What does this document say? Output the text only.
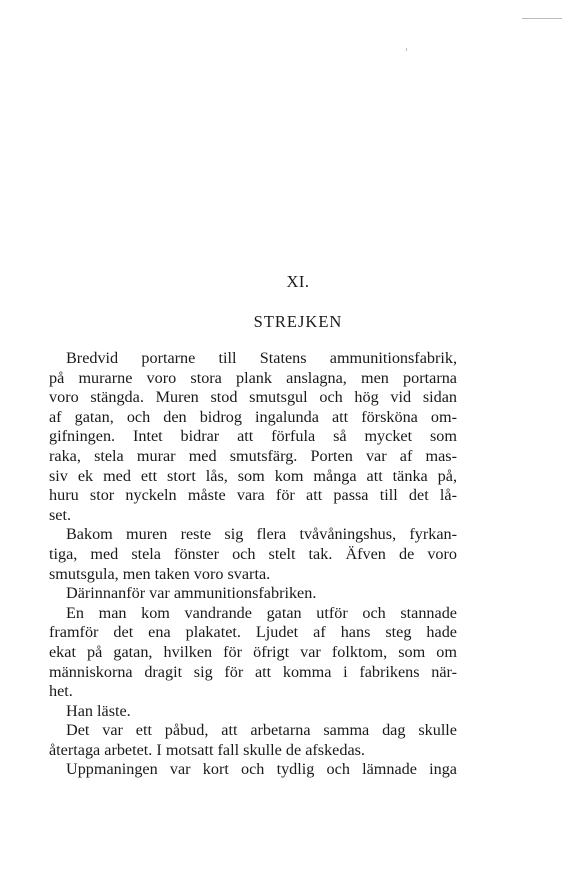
XI.
STREJKEN
Bredvid portarne till Statens ammunitionsfabrik,
på murarne voro stora plank anslagna, men portarna
voro stängda. Muren stod smutsgul och hög vid sidan
af gatan, och den bidrog ingalunda att försköna om-
gifningen. Intet bidrar att förfula så mycket som
raka, stela murar med smutsfärg. Porten var af mas-
siv ek med ett stort lås, som kom många att tänka på,
huru stor nyckeln måste vara för att passa till det lå-
set.
Bakom muren reste sig flera tvåvåningshus, fyrkan-
tiga, med stela fönster och stelt tak. Äfven de voro
smutsgula, men taken voro svarta.
Därinnanför var ammunitionsfabriken.
En man kom vandrande gatan utför och stannade
framför det ena plakatet. Ljudet af hans steg hade
ekat på gatan, hvilken för öfrigt var folktom, som om
människorna dragit sig för att komma i fabrikens när-
het.
Han läste.
Det var ett påbud, att arbetarna samma dag skulle
återtaga arbetet. I motsatt fall skulle de afskedas.
Uppmaningen var kort och tydlig och lämnade inga
